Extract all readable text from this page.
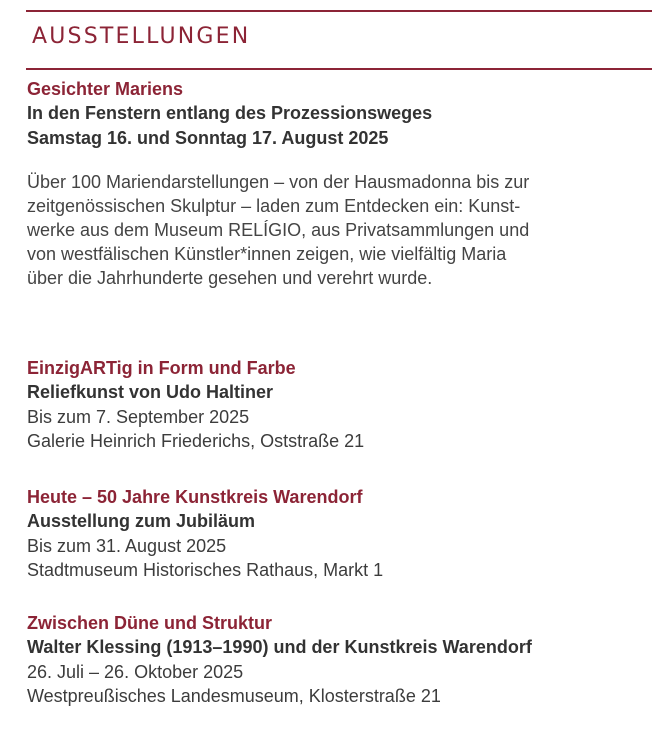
AUSSTELLUNGEN

Gesichter Mariens

In den Fenstern entlang des Prozessionsweges

Samstag 16. und Sonntag 17. August 2025

Über 100 Mariendarstellungen – von der Hausmadonna bis zur
zeitgenössischen Skulptur – laden zum Entdecken ein: Kunst-
werke aus dem Museum RELÍGIO, aus Privatsammlungen und
von westfälischen Künstler*innen zeigen, wie vielfältig Maria
über die Jahrhunderte gesehen und verehrt wurde.

EinzigARTig in Form und Farbe

Reliefkunst von Udo Haltiner

Bis zum 7. September 2025

Galerie Heinrich Friederichs, Oststraße 21

Heute – 50 Jahre Kunstkreis Warendorf

Ausstellung zum Jubiläum

Bis zum 31. August 2025

Stadtmuseum Historisches Rathaus, Markt 1

Zwischen Düne und Struktur

Walter Klessing (1913–1990) und der Kunstkreis Warendorf

26. Juli – 26. Oktober 2025

Westpreußisches Landesmuseum, Klosterstraße 21
